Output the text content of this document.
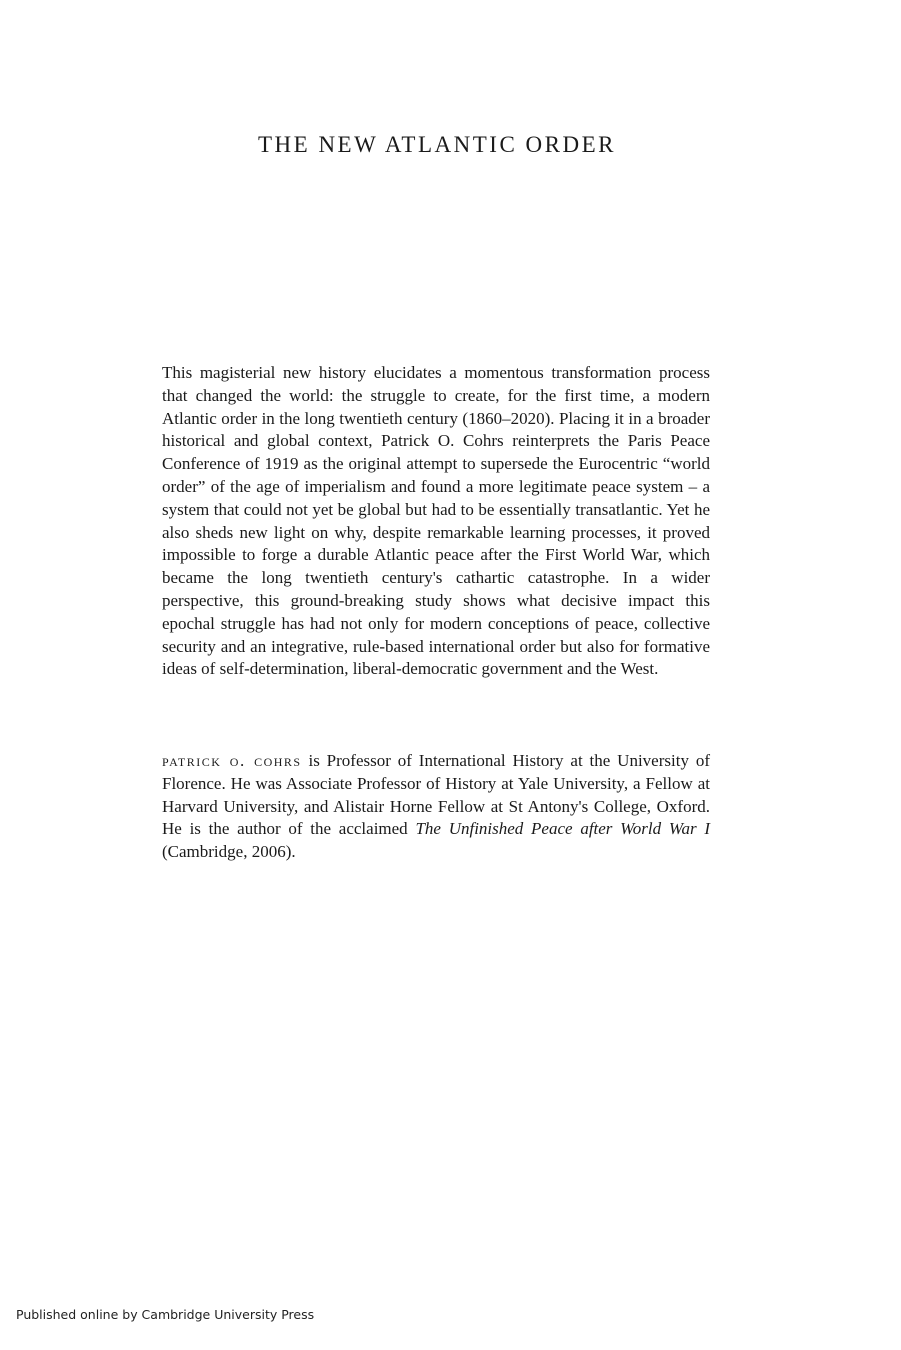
THE NEW ATLANTIC ORDER

This magisterial new history elucidates a momentous transformation process that changed the world: the struggle to create, for the first time, a modern Atlantic order in the long twentieth century (1860–2020). Placing it in a broader historical and global context, Patrick O. Cohrs reinterprets the Paris Peace Conference of 1919 as the original attempt to supersede the Eurocentric “world order” of the age of imperialism and found a more legitimate peace system – a system that could not yet be global but had to be essentially transatlantic. Yet he also sheds new light on why, despite remarkable learning processes, it proved impossible to forge a durable Atlantic peace after the First World War, which became the long twentieth century's cathartic catastrophe. In a wider perspective, this ground-breaking study shows what decisive impact this epochal struggle has had not only for modern conceptions of peace, collective security and an integrative, rule-based international order but also for formative ideas of self-determination, liberal-democratic government and the West.

patrick o. cohrs is Professor of International History at the University of Florence. He was Associate Professor of History at Yale University, a Fellow at Harvard University, and Alistair Horne Fellow at St Antony's College, Oxford. He is the author of the acclaimed The Unfinished Peace after World War I (Cambridge, 2006).

Published online by Cambridge University Press
